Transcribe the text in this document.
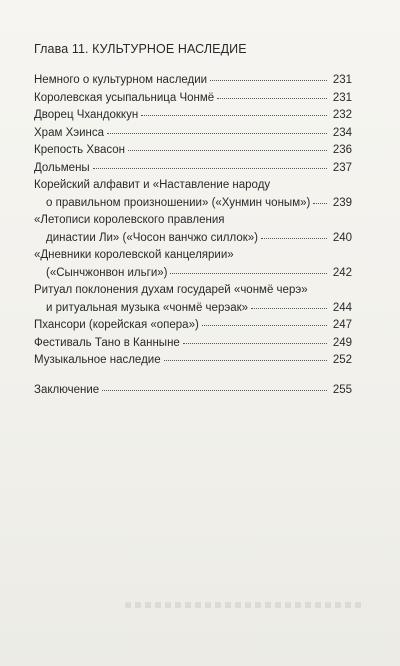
Глава 11. КУЛЬТУРНОЕ НАСЛЕДИЕ
Немного о культурном наследии	231
Королевская усыпальница Чонмё	231
Дворец Чхандоккун	232
Храм Хэинса	234
Крепость Хвасон	236
Дольмены	237
Корейский алфавит и «Наставление народу
о правильном произношении» («Хунмин чоным») 239
«Летописи королевского правления
династии Ли» («Чосон ванчжо силлок»)	240
«Дневники королевской канцелярии»
(«Сынчжонвон ильги»)	242
Ритуал поклонения духам государей «чонмё черэ»
и ритуальная музыка «чонмё черэак»	244
Пхансори (корейская «опера»)	247
Фестиваль Тано в Канныне	249
Музыкальное наследие	252
Заключение	255
